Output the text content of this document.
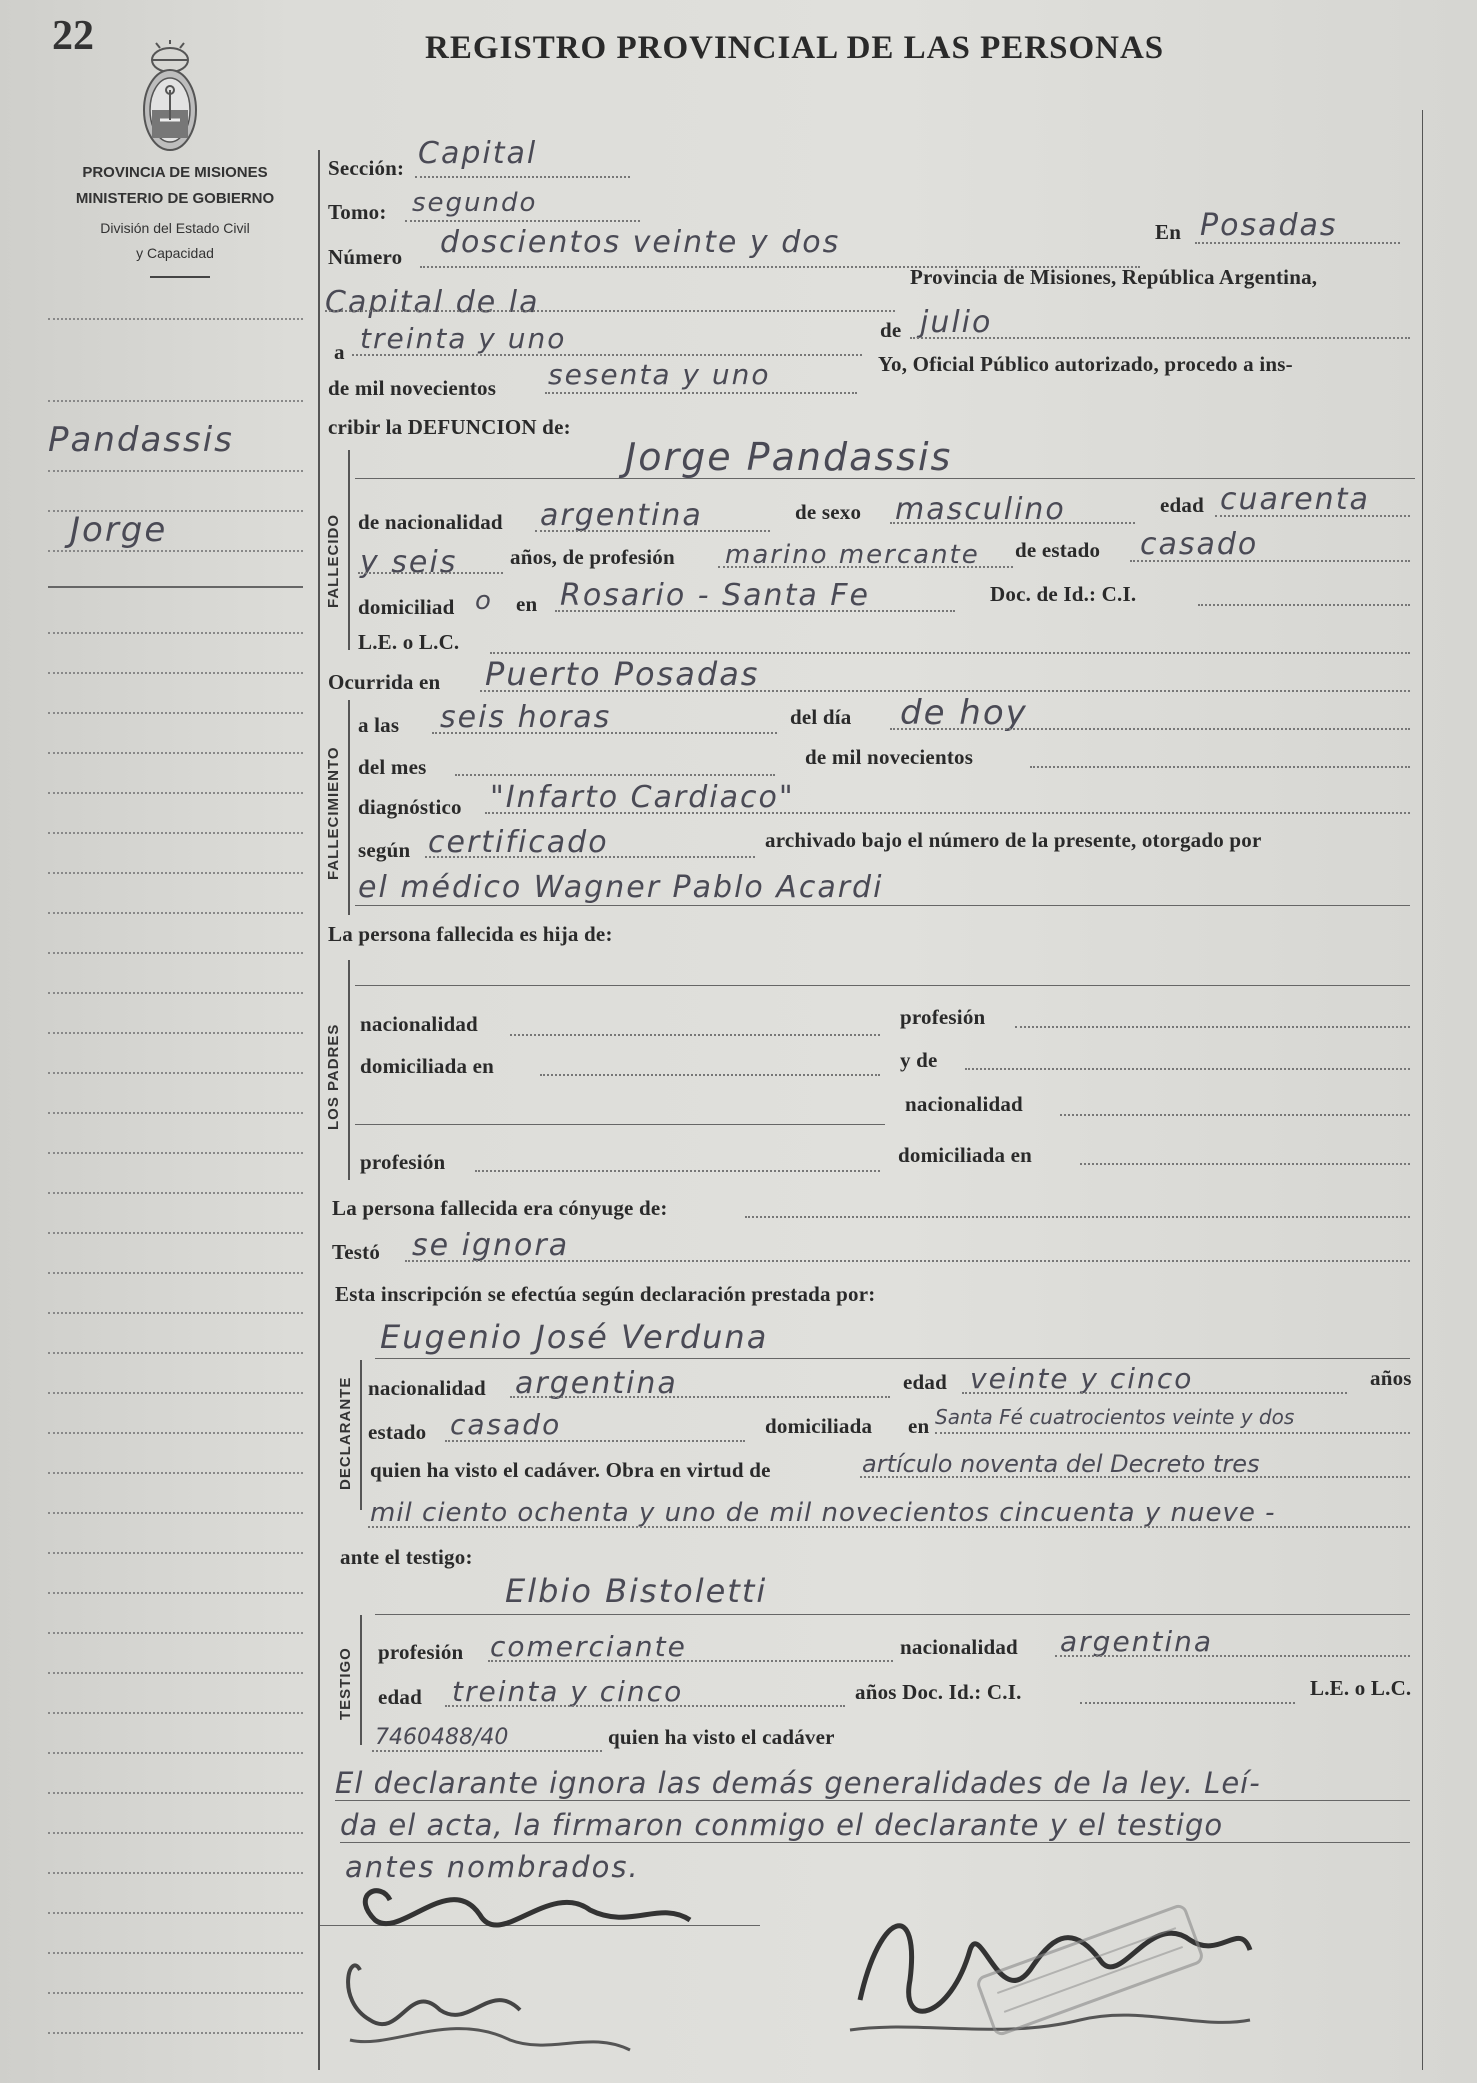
22	REGISTRO PROVINCIAL DE LAS PERSONAS
PROVINCIA DE MISIONES
MINISTERIO DE GOBIERNO
División del Estado Civil
y Capacidad
Pandassis
Jorge
Sección: Capital
Tomo: segundo
Número doscientos veinte y dos	En Posadas
Capital de la
Provincia de Misiones, República Argentina,
a treinta y uno	de julio
de mil novecientos sesenta y uno	Yo, Oficial Público autorizado, procedo a ins-
cribir la DEFUNCION de:
FALLECIDO
Jorge Pandassis
de nacionalidad argentina	de sexo masculino	edad cuarenta
y seis	años, de profesión marino mercante de estado casado
domiciliad o en Rosario - Santa Fe	Doc. de Id.: C.I.
L.E. o L.C.
Ocurrida en Puerto Posadas
FALLECIMIENTO
a las seis horas	del día de hoy
del mes	de mil novecientos
diagnóstico "Infarto Cardiaco"
según certificado	archivado bajo el número de la presente, otorgado por
el médico Wagner Pablo Acardi
La persona fallecida es hija de:
LOS PADRES nacionalidad	profesión
domiciliada en	y de
nacionalidad
profesión	domiciliada en
La persona fallecida era cónyuge de:
Testó se ignora
Esta inscripción se efectúa según declaración prestada por:
Eugenio José Verduna
DECLARANTE nacionalidad argentina	edad veinte y cinco	años
estado casado	domiciliada en Santa Fé cuatrocientos veinte y dos
quien ha visto el cadáver. Obra en virtud de	artículo noventa del Decreto tres
mil ciento ochenta y uno de mil novecientos cincuenta y nueve -
ante el testigo:
Elbio Bistoletti
TESTIGO profesión comerciante	nacionalidad argentina
edad treinta y cinco	años Doc. Id.: C.I.	L.E. o L.C.
7460488/40	quien ha visto el cadáver
El declarante ignora las demás generalidades de la ley. Leí-
da el acta, la firmaron conmigo el declarante y el testigo
antes nombrados.
